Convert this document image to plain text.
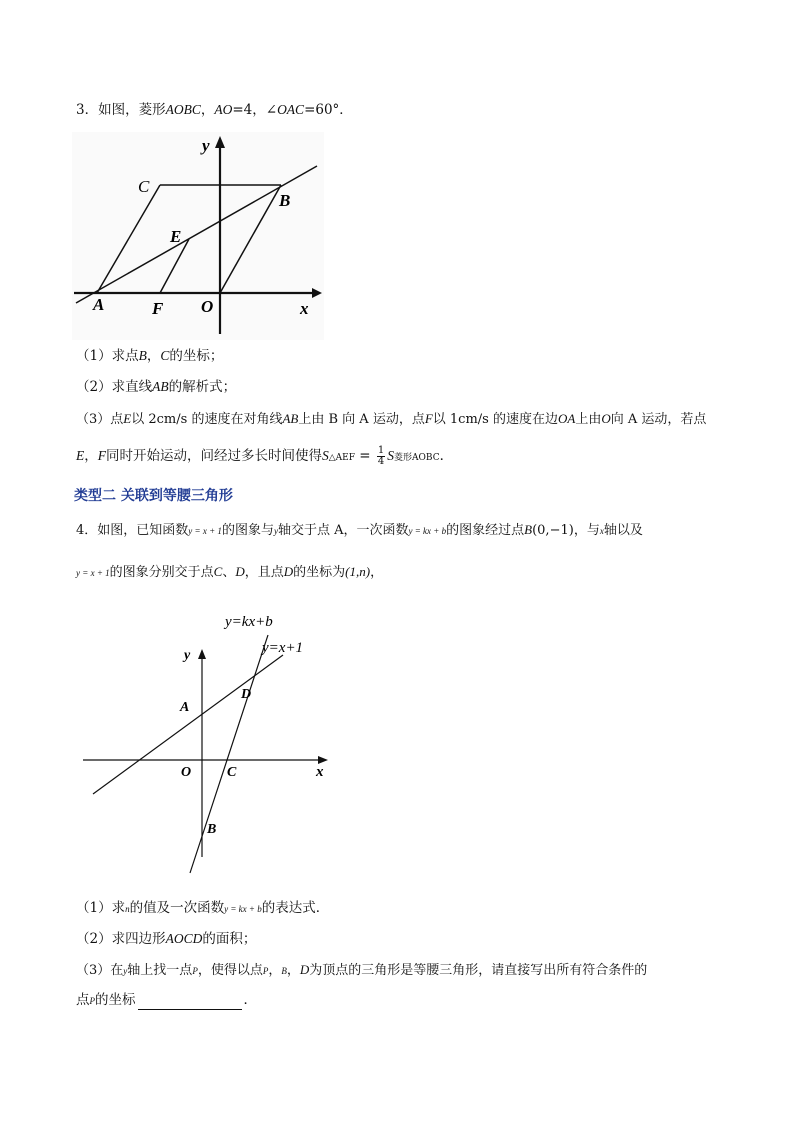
3．如图，菱形AOBC，AO=4，∠OAC=60°．
y
x
C
B
E
A	F O
（1）求点B，C的坐标；
（2）求直线AB的解析式；
（3）点E以 2cm/s 的速度在对角线AB上由 B 向 A 运动，点F以 1cm/s 的速度在边OA上由O向 A 运动，若点
E，F同时开始运动，问经过多长时间使得S△AEF = $\frac{1}{4}$ S菱形AOBC．
类型二 关联到等腰三角形
4．如图，已知函数y = x + 1的图象与y轴交于点 A，一次函数y = kx + b的图象经过点B(0,−1)，与x轴以及
y = x + 1的图象分别交于点C、D，且点D的坐标为(1,n)，
y=kx+b
y=x+1
y
x
A
D
O	C
B
（1）求n的值及一次函数y = kx + b的表达式．
（2）求四边形AOCD的面积；
（3）在y轴上找一点P，使得以点P，B，D为顶点的三角形是等腰三角形，请直接写出所有符合条件的
点P的坐标	．
